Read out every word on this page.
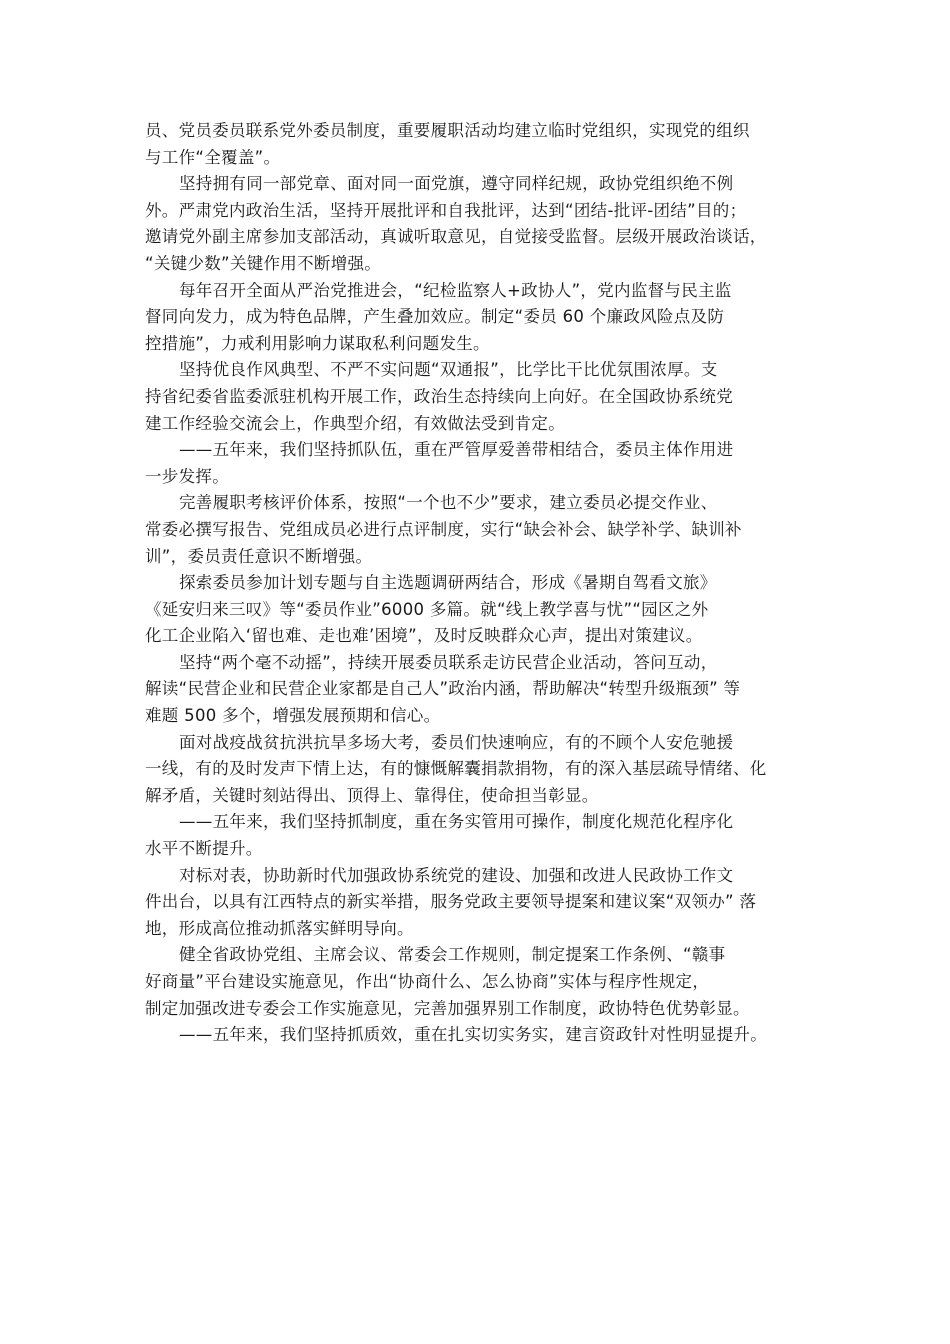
员、党员委员联系党外委员制度，重要履职活动均建立临时党组织，实现党的组织
与工作“全覆盖”。
坚持拥有同一部党章、面对同一面党旗，遵守同样纪规，政协党组织绝不例
外。严肃党内政治生活，坚持开展批评和自我批评，达到“团结-批评-团结”目的；
邀请党外副主席参加支部活动，真诚听取意见，自觉接受监督。层级开展政治谈话，
“关键少数”关键作用不断增强。
每年召开全面从严治党推进会，“纪检监察人+政协人”，党内监督与民主监
督同向发力，成为特色品牌，产生叠加效应。制定“委员 60 个廉政风险点及防
控措施”，力戒利用影响力谋取私利问题发生。
坚持优良作风典型、不严不实问题“双通报”，比学比干比优氛围浓厚。支
持省纪委省监委派驻机构开展工作，政治生态持续向上向好。在全国政协系统党
建工作经验交流会上，作典型介绍，有效做法受到肯定。
——五年来，我们坚持抓队伍，重在严管厚爱善带相结合，委员主体作用进
一步发挥。
完善履职考核评价体系，按照“一个也不少”要求，建立委员必提交作业、
常委必撰写报告、党组成员必进行点评制度，实行“缺会补会、缺学补学、缺训补
训”，委员责任意识不断增强。
探索委员参加计划专题与自主选题调研两结合，形成《暑期自驾看文旅》
《延安归来三叹》等“委员作业”6000 多篇。就“线上教学喜与忧”“园区之外
化工企业陷入‘留也难、走也难’困境”，及时反映群众心声，提出对策建议。
坚持“两个毫不动摇”，持续开展委员联系走访民营企业活动，答问互动，
解读“民营企业和民营企业家都是自己人”政治内涵，帮助解决“转型升级瓶颈” 等
难题 500 多个，增强发展预期和信心。
面对战疫战贫抗洪抗旱多场大考，委员们快速响应，有的不顾个人安危驰援
一线，有的及时发声下情上达，有的慷慨解囊捐款捐物，有的深入基层疏导情绪、化
解矛盾，关键时刻站得出、顶得上、靠得住，使命担当彰显。
——五年来，我们坚持抓制度，重在务实管用可操作，制度化规范化程序化
水平不断提升。
对标对表，协助新时代加强政协系统党的建设、加强和改进人民政协工作文
件出台，以具有江西特点的新实举措，服务党政主要领导提案和建议案“双领办” 落
地，形成高位推动抓落实鲜明导向。
健全省政协党组、主席会议、常委会工作规则，制定提案工作条例、“赣事
好商量”平台建设实施意见，作出“协商什么、怎么协商”实体与程序性规定，
制定加强改进专委会工作实施意见，完善加强界别工作制度，政协特色优势彰显。
——五年来，我们坚持抓质效，重在扎实切实务实，建言资政针对性明显提升。
